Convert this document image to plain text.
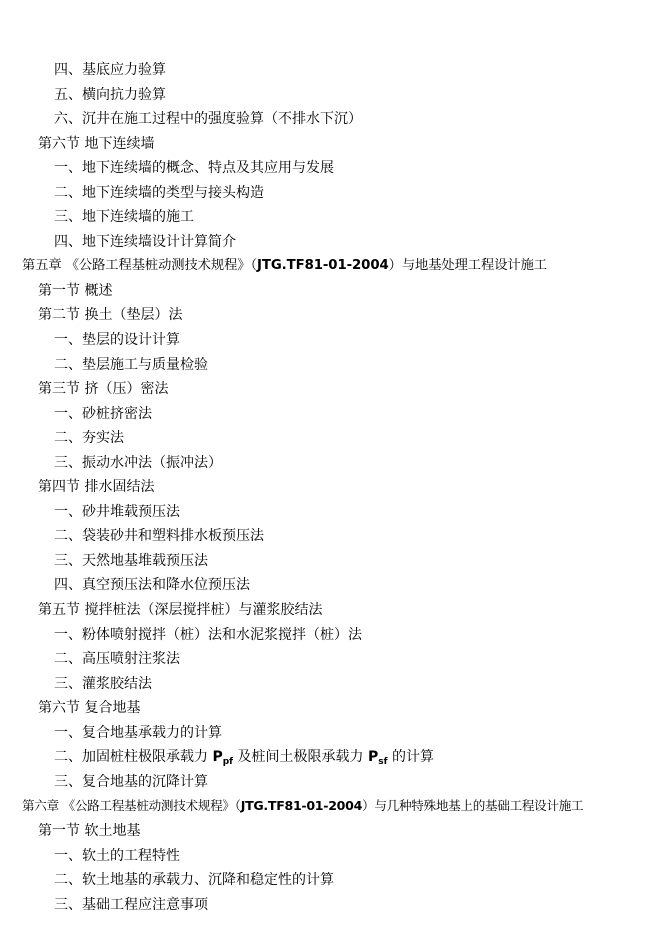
四、基底应力验算
五、横向抗力验算
六、沉井在施工过程中的强度验算（不排水下沉）
第六节 地下连续墙
一、地下连续墙的概念、特点及其应用与发展
二、地下连续墙的类型与接头构造
三、地下连续墙的施工
四、地下连续墙设计计算简介
第五章 《公路工程基桩动测技术规程》（JTG.TF81-01-2004）与地基处理工程设计施工
第一节 概述
第二节 换土（垫层）法
一、垫层的设计计算
二、垫层施工与质量检验
第三节 挤（压）密法
一、砂桩挤密法
二、夯实法
三、振动水冲法（振冲法）
第四节 排水固结法
一、砂井堆载预压法
二、袋装砂井和塑料排水板预压法
三、天然地基堆载预压法
四、真空预压法和降水位预压法
第五节 搅拌桩法（深层搅拌桩）与灌浆胶结法
一、粉体喷射搅拌（桩）法和水泥浆搅拌（桩）法
二、高压喷射注浆法
三、灌浆胶结法
第六节 复合地基
一、复合地基承载力的计算
二、加固桩柱极限承载力 $P_{pf}$ 及桩间土极限承载力 $P_{sf}$ 的计算
三、复合地基的沉降计算
第六章 《公路工程基桩动测技术规程》（JTG.TF81-01-2004）与几种特殊地基上的基础工程设计施工
第一节 软土地基
一、软土的工程特性
二、软土地基的承载力、沉降和稳定性的计算
三、基础工程应注意事项
